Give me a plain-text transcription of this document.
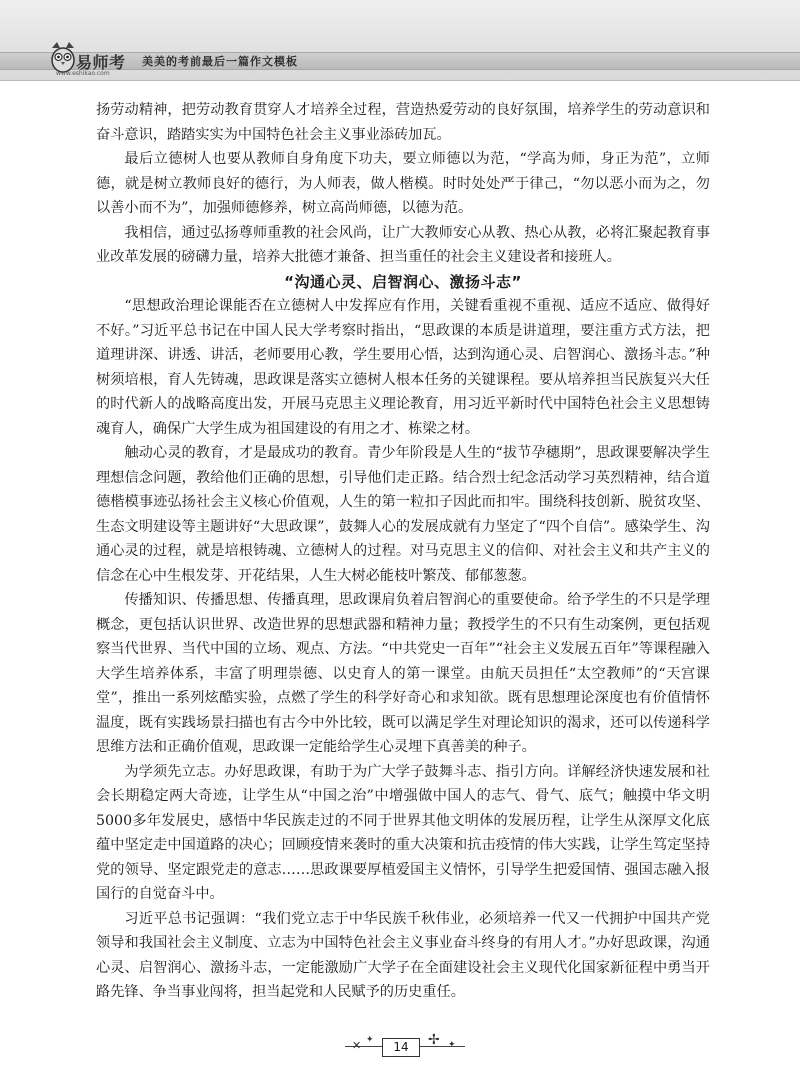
易师考
www.eshikao.com
美美的考前最后一篇作文模板

扬劳动精神，把劳动教育贯穿人才培养全过程，营造热爱劳动的良好氛围，培养学生的劳动意识和奋斗意识，踏踏实实为中国特色社会主义事业添砖加瓦。

最后立德树人也要从教师自身角度下功夫，要立师德以为范，“学高为师，身正为范”，立师德，就是树立教师良好的德行，为人师表，做人楷模。时时处处严于律己，“勿以恶小而为之，勿以善小而不为”，加强师德修养，树立高尚师德，以德为范。

我相信，通过弘扬尊师重教的社会风尚，让广大教师安心从教、热心从教，必将汇聚起教育事业改革发展的磅礴力量，培养大批德才兼备、担当重任的社会主义建设者和接班人。

“沟通心灵、启智润心、激扬斗志”

“思想政治理论课能否在立德树人中发挥应有作用，关键看重视不重视、适应不适应、做得好不好。”习近平总书记在中国人民大学考察时指出，“思政课的本质是讲道理，要注重方式方法，把道理讲深、讲透、讲活，老师要用心教，学生要用心悟，达到沟通心灵、启智润心、激扬斗志。”种树须培根，育人先铸魂，思政课是落实立德树人根本任务的关键课程。要从培养担当民族复兴大任的时代新人的战略高度出发，开展马克思主义理论教育，用习近平新时代中国特色社会主义思想铸魂育人，确保广大学生成为祖国建设的有用之才、栋梁之材。

触动心灵的教育，才是最成功的教育。青少年阶段是人生的“拔节孕穗期”，思政课要解决学生理想信念问题，教给他们正确的思想，引导他们走正路。结合烈士纪念活动学习英烈精神，结合道德楷模事迹弘扬社会主义核心价值观，人生的第一粒扣子因此而扣牢。围绕科技创新、脱贫攻坚、生态文明建设等主题讲好“大思政课”，鼓舞人心的发展成就有力坚定了“四个自信”。感染学生、沟通心灵的过程，就是培根铸魂、立德树人的过程。对马克思主义的信仰、对社会主义和共产主义的信念在心中生根发芽、开花结果，人生大树必能枝叶繁茂、郁郁葱葱。

传播知识、传播思想、传播真理，思政课肩负着启智润心的重要使命。给予学生的不只是学理概念，更包括认识世界、改造世界的思想武器和精神力量；教授学生的不只有生动案例，更包括观察当代世界、当代中国的立场、观点、方法。“中共党史一百年”“社会主义发展五百年”等课程融入大学生培养体系，丰富了明理崇德、以史育人的第一课堂。由航天员担任“太空教师”的“天宫课堂”，推出一系列炫酷实验，点燃了学生的科学好奇心和求知欲。既有思想理论深度也有价值情怀温度，既有实践场景扫描也有古今中外比较，既可以满足学生对理论知识的渴求，还可以传递科学思维方法和正确价值观，思政课一定能给学生心灵埋下真善美的种子。

为学须先立志。办好思政课，有助于为广大学子鼓舞斗志、指引方向。详解经济快速发展和社会长期稳定两大奇迹，让学生从“中国之治”中增强做中国人的志气、骨气、底气；触摸中华文明5000多年发展史，感悟中华民族走过的不同于世界其他文明体的发展历程，让学生从深厚文化底蕴中坚定走中国道路的决心；回顾疫情来袭时的重大决策和抗击疫情的伟大实践，让学生笃定坚持党的领导、坚定跟党走的意志……思政课要厚植爱国主义情怀，引导学生把爱国情、强国志融入报国行的自觉奋斗中。

习近平总书记强调：“我们党立志于中华民族千秋伟业，必须培养一代又一代拥护中国共产党领导和我国社会主义制度、立志为中国特色社会主义事业奋斗终身的有用人才。”办好思政课，沟通心灵、启智润心、激扬斗志，一定能激励广大学子在全面建设社会主义现代化国家新征程中勇当开路先锋、争当事业闯将，担当起党和人民赋予的历史重任。

✕ ✦	14	✢ ✦
